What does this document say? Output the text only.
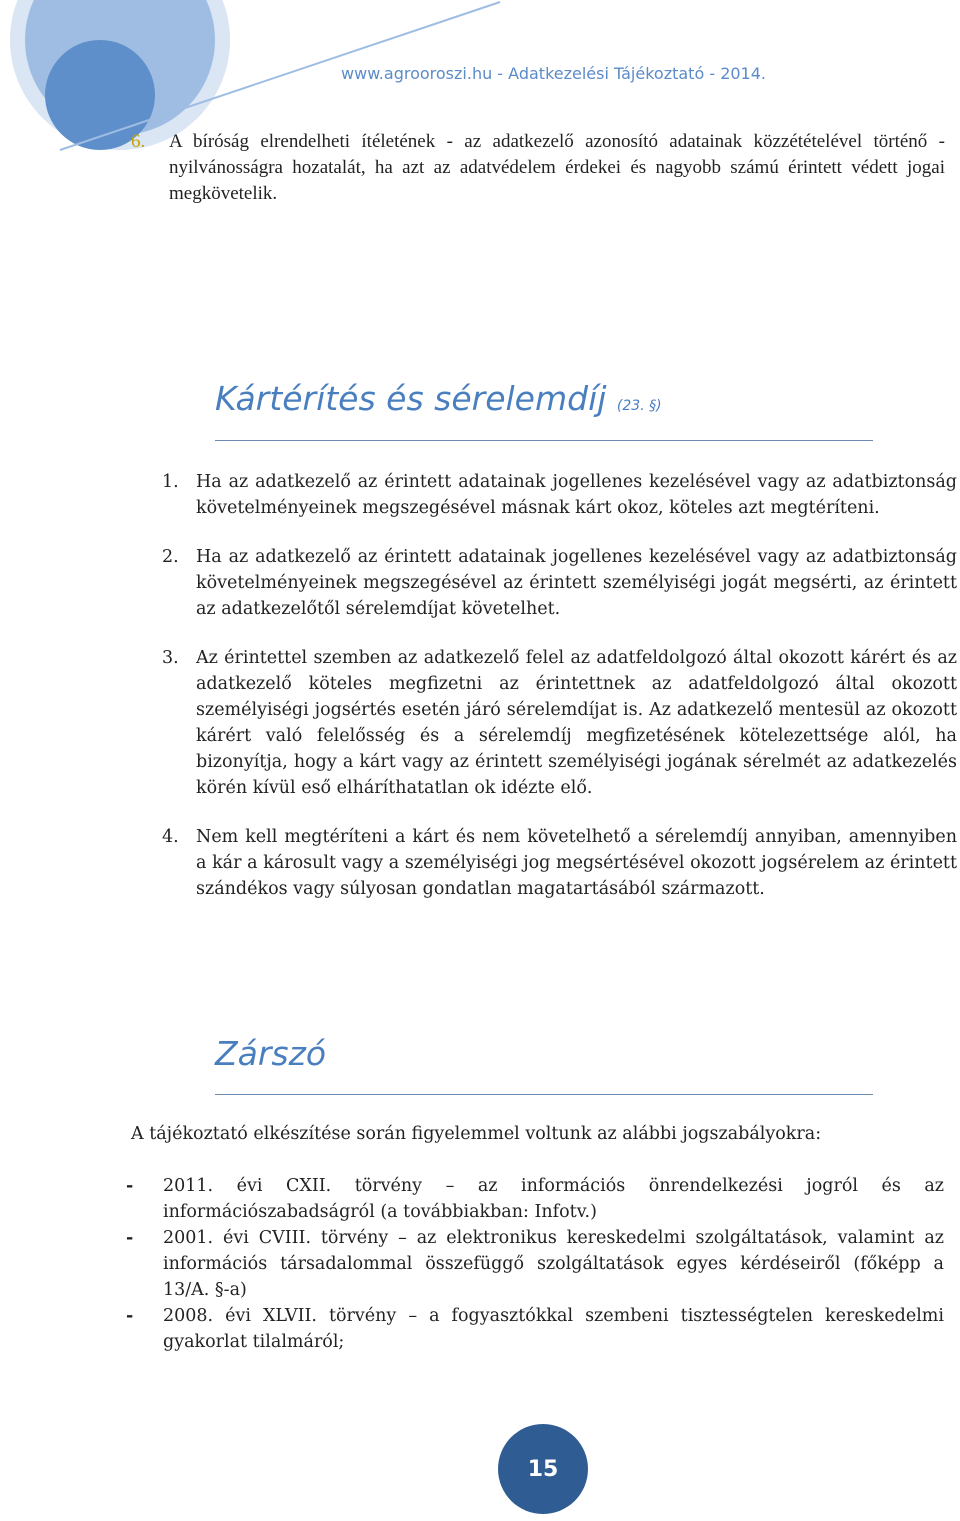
www.agrooroszi.hu - Adatkezelési Tájékoztató - 2014.
6.	A bíróság elrendelheti ítéletének - az adatkezelő azonosító adatainak közzétételével történő - nyilvánosságra hozatalát, ha azt az adatvédelem érdekei és nagyobb számú érintett védett jogai megkövetelik.
Kártérítés és sérelemdíj (23. §)
1. Ha az adatkezelő az érintett adatainak jogellenes kezelésével vagy az adatbiztonság követelményeinek megszegésével másnak kárt okoz, köteles azt megtéríteni.
2. Ha az adatkezelő az érintett adatainak jogellenes kezelésével vagy az adatbiztonság követelményeinek megszegésével az érintett személyiségi jogát megsérti, az érintett az adatkezelőtől sérelemdíjat követelhet.
3. Az érintettel szemben az adatkezelő felel az adatfeldolgozó által okozott kárért és az adatkezelő köteles megfizetni az érintettnek az adatfeldolgozó által okozott személyiségi jogsértés esetén járó sérelemdíjat is. Az adatkezelő mentesül az okozott kárért való felelősség és a sérelemdíj megfizetésének kötelezettsége alól, ha bizonyítja, hogy a kárt vagy az érintett személyiségi jogának sérelmét az adatkezelés körén kívül eső elháríthatatlan ok idézte elő.
4. Nem kell megtéríteni a kárt és nem követelhető a sérelemdíj annyiban, amennyiben a kár a károsult vagy a személyiségi jog megsértésével okozott jogsérelem az érintett szándékos vagy súlyosan gondatlan magatartásából származott.
Zárszó
A tájékoztató elkészítése során figyelemmel voltunk az alábbi jogszabályokra:
- 2011. évi CXII. törvény – az információs önrendelkezési jogról és az információszabadságról (a továbbiakban: Infotv.)
- 2001. évi CVIII. törvény – az elektronikus kereskedelmi szolgáltatások, valamint az információs társadalommal összefüggő szolgáltatások egyes kérdéseiről (főképp a 13/A. §-a)
- 2008. évi XLVII. törvény – a fogyasztókkal szembeni tisztességtelen kereskedelmi gyakorlat tilalmáról;
15
